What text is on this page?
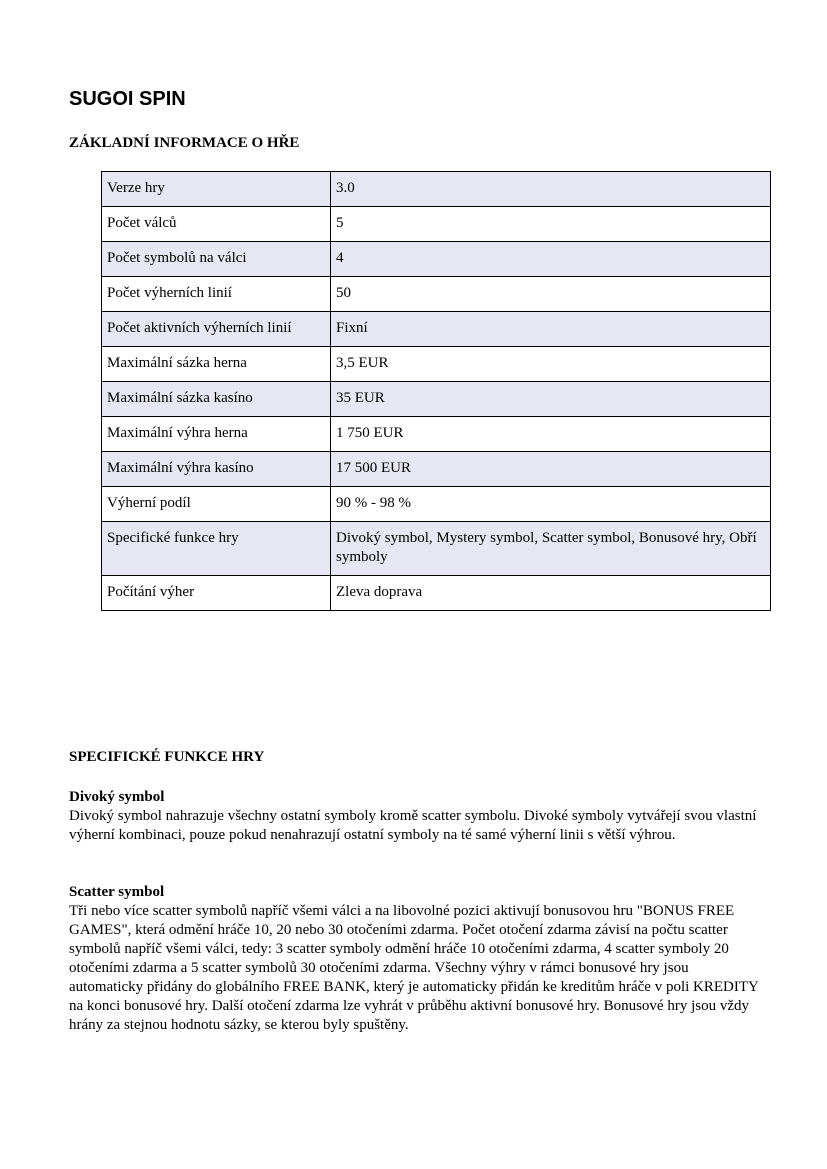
SUGOI SPIN
ZÁKLADNÍ INFORMACE O HŘE
Verze hry	3.0
Počet válců	5
Počet symbolů na válci	4
Počet výherních linií	50
Počet aktivních výherních linií	Fixní
Maximální sázka herna	3,5 EUR
Maximální sázka kasíno	35 EUR
Maximální výhra herna	1 750 EUR
Maximální výhra kasíno	17 500 EUR
Výherní podíl	90 % - 98 %
Specifické funkce hry	Divoký symbol, Mystery symbol, Scatter symbol, Bonusové hry, Obří symboly
Počítání výher	Zleva doprava
SPECIFICKÉ FUNKCE HRY
Divoký symbol
Divoký symbol nahrazuje všechny ostatní symboly kromě scatter symbolu. Divoké symboly vytvářejí svou vlastní výherní kombinaci, pouze pokud nenahrazují ostatní symboly na té samé výherní linii s větší výhrou.
Scatter symbol
Tři nebo více scatter symbolů napříč všemi válci a na libovolné pozici aktivují bonusovou hru "BONUS FREE GAMES", která odmění hráče 10, 20 nebo 30 otočeními zdarma. Počet otočení zdarma závisí na počtu scatter symbolů napříč všemi válci, tedy: 3 scatter symboly odmění hráče 10 otočeními zdarma, 4 scatter symboly 20 otočeními zdarma a 5 scatter symbolů 30 otočeními zdarma. Všechny výhry v rámci bonusové hry jsou automaticky přidány do globálního FREE BANK, který je automaticky přidán ke kreditům hráče v poli KREDITY na konci bonusové hry. Další otočení zdarma lze vyhrát v průběhu aktivní bonusové hry. Bonusové hry jsou vždy hrány za stejnou hodnotu sázky, se kterou byly spuštěny.
